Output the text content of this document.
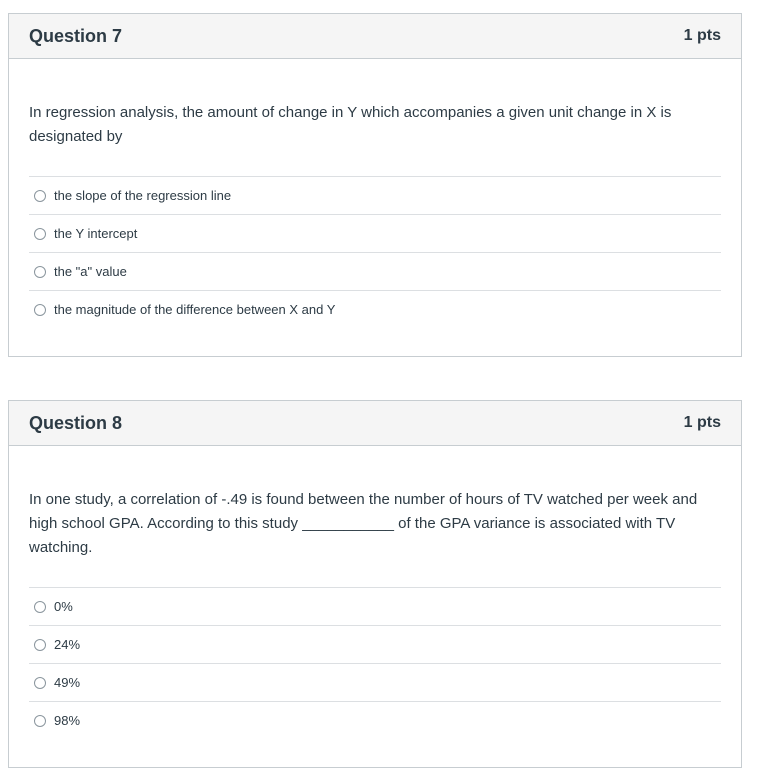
Question 7	1 pts

In regression analysis, the amount of change in Y which accompanies a given unit change in X is designated by

the slope of the regression line
the Y intercept
the "a" value
the magnitude of the difference between X and Y
Question 8	1 pts

In one study, a correlation of -.49 is found between the number of hours of TV watched per week and high school GPA. According to this study ___________ of the GPA variance is associated with TV watching.

0%
24%
49%
98%
